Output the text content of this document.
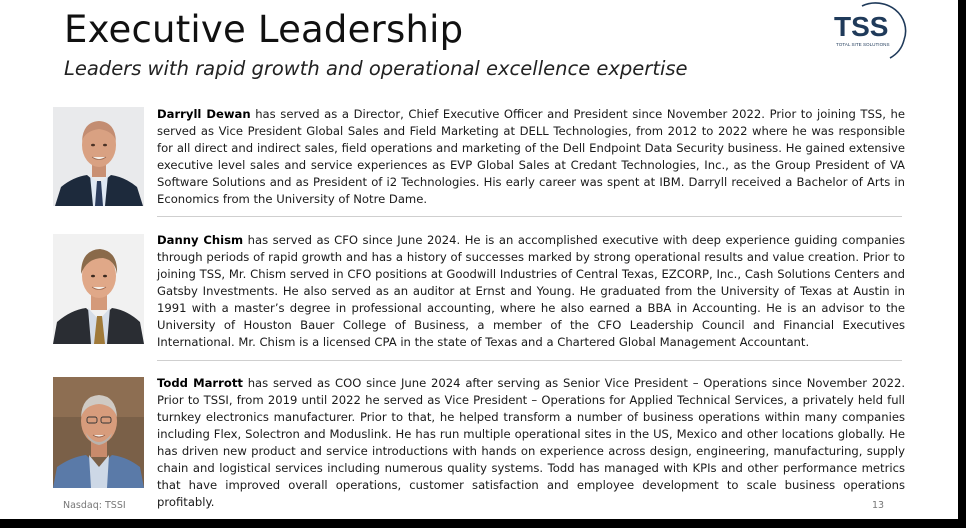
Executive Leadership
Leaders with rapid growth and operational excellence expertise
TSS
TOTAL SITE SOLUTIONS

Darryll Dewan has served as a Director, Chief Executive Officer and President since November 2022. Prior to joining TSS, he served as Vice President Global Sales and Field Marketing at DELL Technologies, from 2012 to 2022 where he was responsible for all direct and indirect sales, field operations and marketing of the Dell Endpoint Data Security business. He gained extensive executive level sales and service experiences as EVP Global Sales at Credant Technologies, Inc., as the Group President of VA Software Solutions and as President of i2 Technologies. His early career was spent at IBM. Darryll received a Bachelor of Arts in Economics from the University of Notre Dame.

Danny Chism has served as CFO since June 2024. He is an accomplished executive with deep experience guiding companies through periods of rapid growth and has a history of successes marked by strong operational results and value creation. Prior to joining TSS, Mr. Chism served in CFO positions at Goodwill Industries of Central Texas, EZCORP, Inc., Cash Solutions Centers and Gatsby Investments. He also served as an auditor at Ernst and Young. He graduated from the University of Texas at Austin in 1991 with a master’s degree in professional accounting, where he also earned a BBA in Accounting. He is an advisor to the University of Houston Bauer College of Business, a member of the CFO Leadership Council and Financial Executives International. Mr. Chism is a licensed CPA in the state of Texas and a Chartered Global Management Accountant.

Todd Marrott has served as COO since June 2024 after serving as Senior Vice President – Operations since November 2022. Prior to TSSI, from 2019 until 2022 he served as Vice President – Operations for Applied Technical Services, a privately held full turnkey electronics manufacturer. Prior to that, he helped transform a number of business operations within many companies including Flex, Solectron and Moduslink. He has run multiple operational sites in the US, Mexico and other locations globally. He has driven new product and service introductions with hands on experience across design, engineering, manufacturing, supply chain and logistical services including numerous quality systems. Todd has managed with KPIs and other performance metrics that have improved overall operations, customer satisfaction and employee development to scale business operations profitably.

Nasdaq: TSSI	13
